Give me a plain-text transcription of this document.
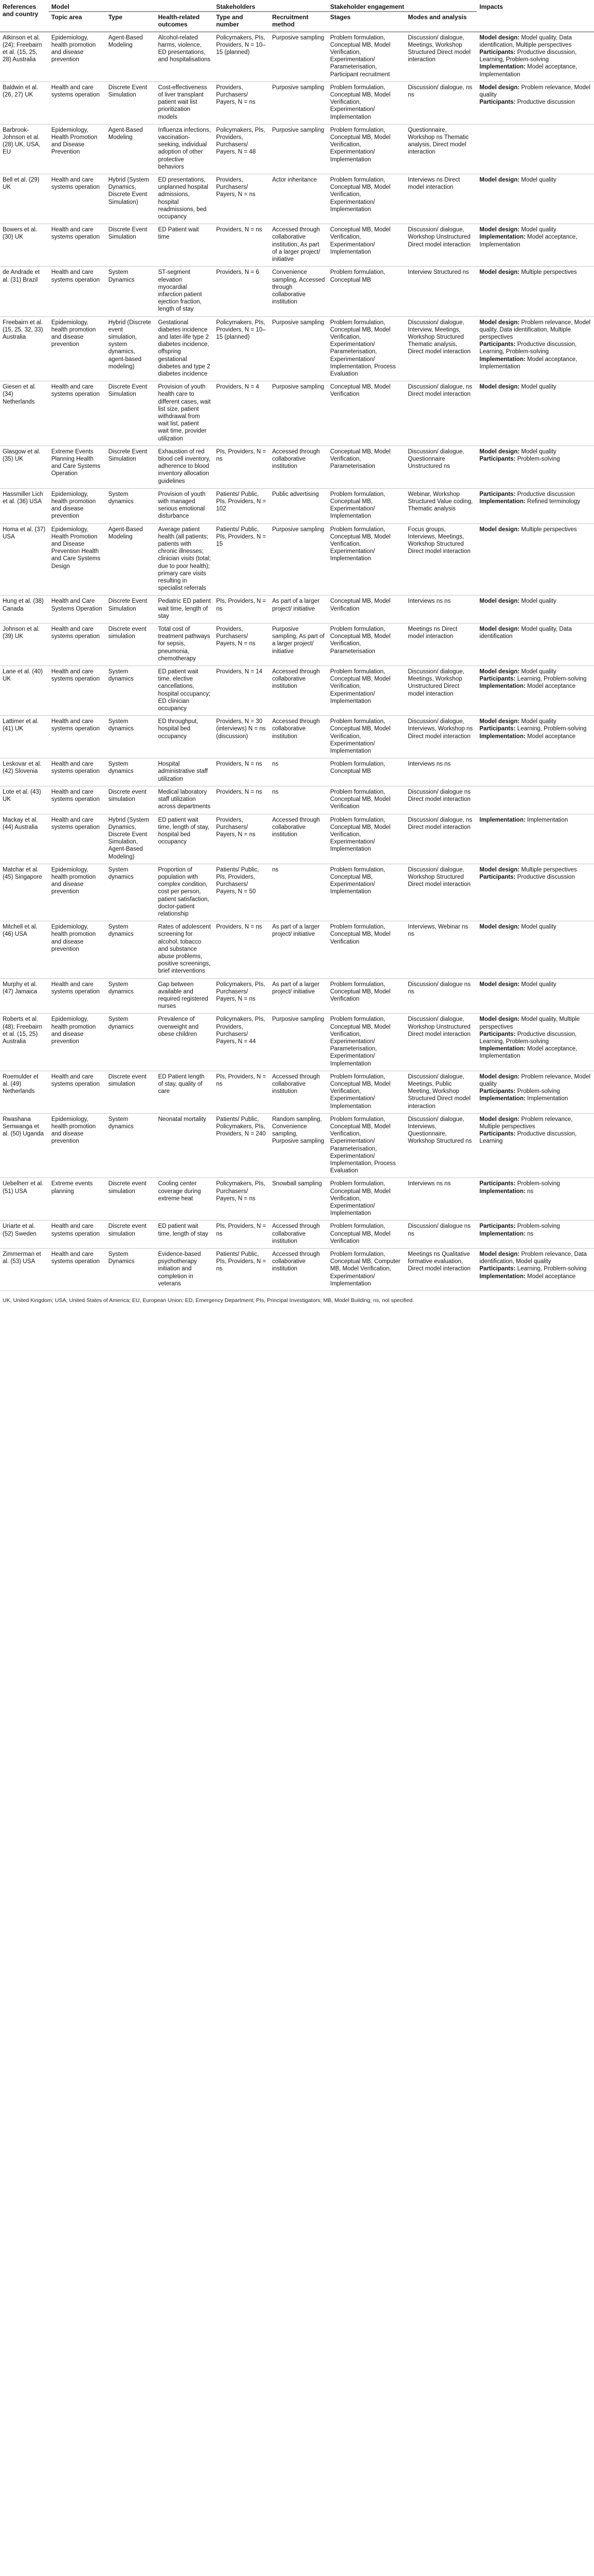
References and country	Model			Stakeholders		Stakeholder engagement		Impacts
	Topic area	Type	Health-related outcomes	Type and number	Recruitment method	Stages	Modes and analysis	
Atkinson et al. (24); Freebairn et al. (15, 25, 28) Australia	Epidemiology, health promotion and disease prevention	Agent-Based Modeling	Alcohol-related harms, violence, ED presentations, and hospitalisations	Policymakers, PIs, Providers, N = 10–15 (planned)	Purposive sampling	Problem formulation, Conceptual MB, Model Verification, Experimentation/ Parameterisation, Participant recruitment	Discussion/ dialogue, Meetings, Workshop Structured Direct model interaction	Model design: Model quality, Data identification, Multiple perspectives
Participants: Productive discussion, Learning, Problem-solving
Implementation: Model acceptance, Implementation

Baldwin et al. (26, 27) UK	Health and care systems operation	Discrete Event Simulation	Cost-effectiveness of liver transplant patient wait list prioritization models	Providers, Purchasers/ Payers, N = ns	Purposive sampling	Problem formulation, Conceptual MB, Model Verification, Experimentation/ Implementation	Discussion/ dialogue, ns ns	Model design: Problem relevance, Model quality
Participants: Productive discussion

Barbrook-Johnson et al. (28) UK, USA, EU	Epidemiology, Health Promotion and Disease Prevention	Agent-Based Modeling	Influenza infections, vaccination-seeking, individual adoption of other protective behaviors	Policymakers, PIs, Providers, Purchasers/ Payers, N = 48	Purposive sampling	Problem formulation, Conceptual MB, Model Verification, Experimentation/ Implementation	Questionnaire, Workshop ns Thematic analysis, Direct model interaction	
Bell et al. (29) UK	Health and care systems operation	Hybrid (System Dynamics, Discrete Event Simulation)	ED presentations, unplanned hospital admissions, hospital readmissions, bed occupancy	Providers, Purchasers/ Payers, N = ns	Actor inheritance	Problem formulation, Conceptual MB, Model Verification, Experimentation/ Implementation	Interviews ns Direct model interaction	Model design: Model quality

Bowers et al. (30) UK	Health and care systems operation	Discrete Event Simulation	ED Patient wait time	Providers, N = ns	Accessed through collaborative institution, As part of a larger project/ initiative	Conceptual MB, Model Verification, Experimentation/ Implementation	Discussion/ dialogue, Workshop Unstructured Direct model interaction	Model design: Model quality
Implementation: Model acceptance, Implementation

de Andrade et al. (31) Brazil	Health and care systems operation	System Dynamics	ST-segment elevation myocardial infarction patient ejection fraction, length of stay	Providers, N = 6	Convenience sampling, Accessed through collaborative institution	Problem formulation, Conceptual MB	Interview Structured ns	Model design: Multiple perspectives

Freebairn et al. (15, 25, 32, 33) Australia	Epidemiology, health promotion and disease prevention	Hybrid (Discrete event simulation, system dynamics, agent-based modeling)	Gestational diabetes incidence and later-life type 2 diabetes incidence, offspring gestational diabetes and type 2 diabetes incidence	Policymakers, PIs, Providers, N = 10–15 (planned)	Purposive sampling	Problem formulation, Conceptual MB, Model Verification, Experimentation/ Parameterisation, Experimentation/ Implementation, Process Evaluation	Discussion/ dialogue, Interview, Meetings, Workshop Structured Thematic analysis, Direct model interaction	Model design: Problem relevance, Model quality, Data identification, Multiple perspectives
Participants: Productive discussion, Learning, Problem-solving
Implementation: Model acceptance, Implementation

Giesen et al. (34) Netherlands	Health and care systems operation	Discrete Event Simulation	Provision of youth health care to different cases, wait list size, patient withdrawal from wait list, patient wait time, provider utilization	Providers, N = 4	Purposive sampling	Conceptual MB, Model Verification	Discussion/ dialogue, ns Direct model interaction	Model design: Model quality

Glasgow et al. (35) UK	Extreme Events Planning Health and Care Systems Operation	Discrete Event Simulation	Exhaustion of red blood cell inventory, adherence to blood inventory allocation guidelines	PIs, Providers, N = ns	Accessed through collaborative institution	Conceptual MB, Model Verification, Parameterisation	Discussion/ dialogue, Questionnaire Unstructured ns	Model design: Model quality
Participants: Problem-solving

Hassmiller Lich et al. (36) USA	Epidemiology, health promotion and disease prevention	System dynamics	Provision of youth with managed serious emotional disturbance	Patients/ Public, PIs, Providers, N = 102	Public advertising	Problem formulation, Conceptual MB, Experimentation/ Implementation	Webinar, Workshop Structured Value coding, Thematic analysis	Participants: Productive discussion
Implementation: Refined terminology

Homa et al. (37) USA	Epidemiology, Health Promotion and Disease Prevention Health and Care Systems Design	Agent-Based Modeling	Average patient health (all patients; patients with chronic illnesses; clinician visits (total; due to poor health); primary care visits resulting in specialist referrals	Patients/ Public, PIs, Providers, N = 15	Purposive sampling	Problem formulation, Conceptual MB, Model Verification, Experimentation/ Implementation	Focus groups, Interviews, Meetings, Workshop Structured Direct model interaction	Model design: Multiple perspectives

Hung et al. (38) Canada	Health and Care Systems Operation	Discrete Event Simulation	Pediatric ED patient wait time, length of stay	PIs, Providers, N = ns	As part of a larger project/ initiative	Conceptual MB, Model Verification	Interviews ns ns	Model design: Model quality

Johnson et al. (39) UK	Health and care systems operation	Discrete event simulation	Total cost of treatment pathways for sepsis, pneumonia, chemotherapy	Providers, Purchasers/ Payers, N = ns	Purposive sampling, As part of a larger project/ initiative	Problem formulation, Conceptual MB, Model Verification, Parameterisation	Meetings ns Direct model interaction	Model design: Model quality, Data identification

Lane et al. (40) UK	Health and care systems operation	System dynamics	ED patient wait time, elective cancellations, hospital occupancy; ED clinician occupancy	Providers, N = 14	Accessed through collaborative institution	Problem formulation, Conceptual MB, Model Verification, Experimentation/ Implementation	Discussion/ dialogue, Meetings, Workshop Unstructured Direct model interaction	Model design: Model quality
Participants: Learning, Problem-solving
Implementation: Model acceptance

Lattimer et al. (41) UK	Health and care systems operation	System dynamics	ED throughput, hospital bed occupancy	Providers, N = 30 (interviews) N = ns (discussion)	Accessed through collaborative institution	Problem formulation, Conceptual MB, Model Verification, Experimentation/ Implementation	Discussion/ dialogue, Interviews, Workshop ns Direct model interaction	Model design: Model quality
Participants: Learning, Problem-solving
Implementation: Model acceptance

Leskovar et al. (42) Slovenia	Health and care systems operation	System dynamics	Hospital administrative staff utilization	Providers, N = ns	ns	Problem formulation, Conceptual MB	Interviews ns ns	
Lote et al. (43) UK	Health and care systems operation	Discrete event simulation	Medical laboratory staff utilization across departments	Providers, N = ns	ns	Problem formulation, Conceptual MB, Model Verification	Discussion/ dialogue ns Direct model interaction	
Mackay et al. (44) Australia	Health and care systems operation	Hybrid (System Dynamics, Discrete Event Simulation, Agent-Based Modeling)	ED patient wait time, length of stay, hospital bed occupancy	Providers, Purchasers/ Payers, N = ns	Accessed through collaborative institution	Problem formulation, Conceptual MB, Model Verification, Experimentation/ Implementation	Discussion/ dialogue, ns Direct model interaction	Implementation: Implementation

Matchar et al. (45) Singapore	Epidemiology, health promotion and disease prevention	System dynamics	Proportion of population with complex condition, cost per person, patient satisfaction, doctor-patient relationship	Patients/ Public, PIs, Providers, Purchasers/ Payers, N = 50	ns	Problem formulation, Conceptual MB, Experimentation/ Implementation	Discussion/ dialogue, Workshop Structured Direct model interaction	Model design: Multiple perspectives
Participants: Productive discussion

Mitchell et al. (46) USA	Epidemiology, health promotion and disease prevention	System dynamics	Rates of adolescent screening for alcohol, tobacco and substance abuse problems, positive screenings, brief interventions	Providers, N = ns	As part of a larger project/ initiative	Problem formulation, Conceptual MB, Model Verification	Interviews, Webinar ns ns	Model design: Model quality

Murphy et al. (47) Jamaica	Health and care systems operation	System dynamics	Gap between available and required registered nurses	Policymakers, PIs, Purchasers/ Payers, N = ns	As part of a larger project/ initiative	Problem formulation, Conceptual MB, Model Verification	Discussion/ dialogue ns ns	Model design: Model quality

Roberts et al. (48); Freebairn et al. (15, 25) Australia	Epidemiology, health promotion and disease prevention	System dynamics	Prevalence of overweight and obese children	Policymakers, PIs, Providers, Purchasers/ Payers, N = 44	Purposive sampling	Problem formulation, Conceptual MB, Model Verification, Experimentation/ Parameterisation, Experimentation/ Implementation	Discussion/ dialogue, Workshop Unstructured Direct model interaction	Model design: Model quality, Multiple perspectives
Participants: Productive discussion, Learning, Problem-solving
Implementation: Model acceptance, Implementation

Roemulder et al. (49) Netherlands	Health and care systems operation	Discrete event simulation	ED Patient length of stay, quality of care	PIs, Providers, N = ns	Accessed through collaborative institution	Problem formulation, Conceptual MB, Model Verification, Experimentation/ Implementation	Discussion/ dialogue, Meetings, Public Meeting, Workshop Structured Direct model interaction	Model design: Problem relevance, Model quality
Participants: Problem-solving
Implementation: Implementation

Rwashana Semwanga et al. (50) Uganda	Epidemiology, health promotion and disease prevention	System dynamics	Neonatal mortality	Patients/ Public, Policymakers, PIs, Providers, N = 240	Random sampling, Convenience sampling, Purposive sampling	Problem formulation, Conceptual MB, Model Verification, Experimentation/ Parameterisation, Experimentation/ Implementation, Process Evaluation	Discussion/ dialogue, Interviews, Questionnaire, Workshop Structured ns	Model design: Problem relevance, Multiple perspectives
Participants: Productive discussion, Learning

Uebelherr et al. (51) USA	Extreme events planning	Discrete event simulation	Cooling center coverage during extreme heat	Policymakers, PIs, Purchasers/ Payers, N = ns	Snowball sampling	Problem formulation, Conceptual MB, Model Verification, Experimentation/ Implementation	Interviews ns ns	Participants: Problem-solving
Implementation: ns

Uriarte et al. (52) Sweden	Health and care systems operation	Discrete event simulation	ED patient wait time, length of stay	PIs, Providers, N = ns	Accessed through collaborative institution	Problem formulation, Conceptual MB, Model Verification	Discussion/ dialogue ns ns	Participants: Problem-solving
Implementation: ns

Zimmerman et al. (53) USA	Health and care systems operation	System Dynamics	Evidence-based psychotherapy initiation and completion in veterans	Patients/ Public, PIs, Providers, N = ns	Accessed through collaborative institution	Problem formulation, Conceptual MB, Computer MB, Model Verification, Experimentation/ Implementation	Meetings ns Qualitative formative evaluation, Direct model interaction	Model design: Problem relevance, Data identification, Model quality
Participants: Learning, Problem-solving
Implementation: Model acceptance
UK, United Kingdom; USA, United States of America; EU, European Union; ED, Emergency Department; PIs, Principal Investigators; MB, Model Building; ns, not specified.
